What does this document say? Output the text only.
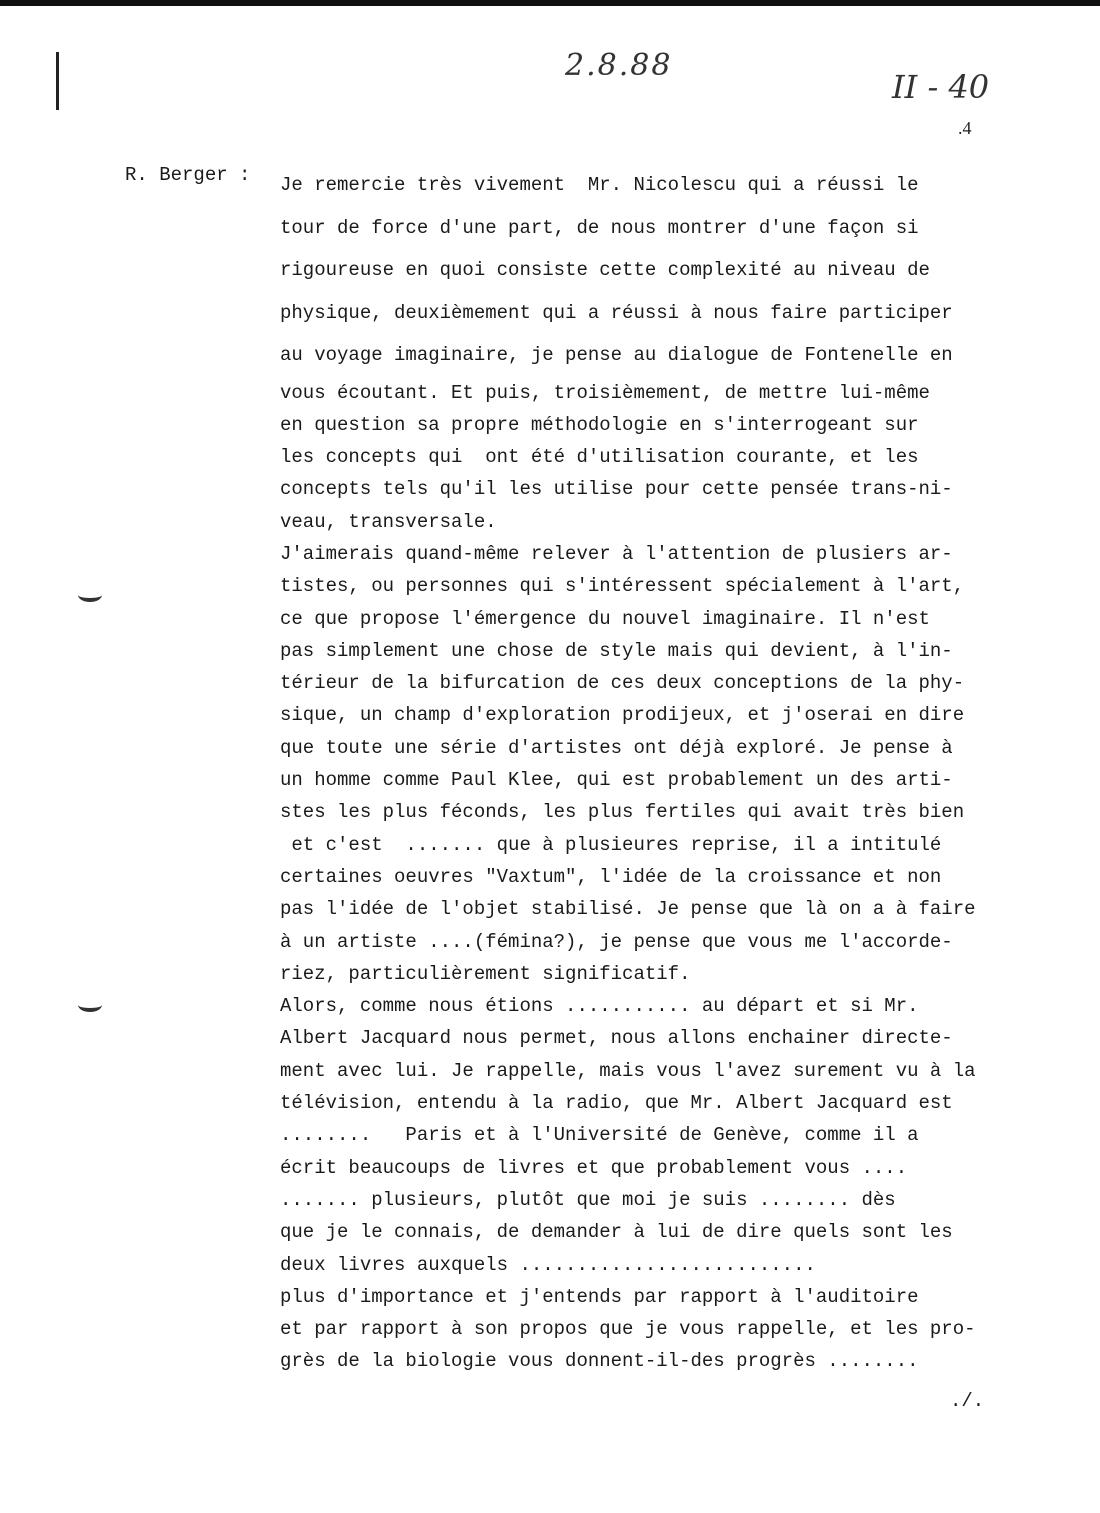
2.8.88
II - 40
.4
R. Berger : Je remercie très vivement  Mr. Nicolescu qui a réussi le
tour de force d'une part, de nous montrer d'une façon si
rigoureuse en quoi consiste cette complexité au niveau de
physique, deuxièmement qui a réussi à nous faire participer
au voyage imaginaire, je pense au dialogue de Fontenelle en
vous écoutant. Et puis, troisièmement, de mettre lui-même
en question sa propre méthodologie en s'interrogeant sur
les concepts qui  ont été d'utilisation courante, et les
concepts tels qu'il les utilise pour cette pensée trans-ni-
veau, transversale.
J'aimerais quand-même relever à l'attention de plusiers ar-
tistes, ou personnes qui s'intéressent spécialement à l'art,
ce que propose l'émergence du nouvel imaginaire. Il n'est
pas simplement une chose de style mais qui devient, à l'in-
térieur de la bifurcation de ces deux conceptions de la phy-
sique, un champ d'exploration prodijeux, et j'oserai en dire
que toute une série d'artistes ont déjà exploré. Je pense à
un homme comme Paul Klee, qui est probablement un des arti-
stes les plus féconds, les plus fertiles qui avait très bien
et c'est  ....... que à plusieures reprise, il a intitulé
certaines oeuvres "Vaxtum", l'idée de la croissance et non
pas l'idée de l'objet stabilisé. Je pense que là on a à faire
à un artiste ....(fémina?), je pense que vous me l'accorde-
riez, particulièrement significatif.
Alors, comme nous étions ........... au départ et si Mr.
Albert Jacquard nous permet, nous allons enchainer directe-
ment avec lui. Je rappelle, mais vous l'avez surement vu à la
télévision, entendu à la radio, que Mr. Albert Jacquard est
........   Paris et à l'Université de Genève, comme il a
écrit beaucoups de livres et que probablement vous ....
....... plusieurs, plutôt que moi je suis ........ dès
que je le connais, de demander à lui de dire quels sont les
deux livres auxquels ..........................
plus d'importance et j'entends par rapport à l'auditoire
et par rapport à son propos que je vous rappelle, et les pro-
grès de la biologie vous donnent-il-des progrès ........
./.
